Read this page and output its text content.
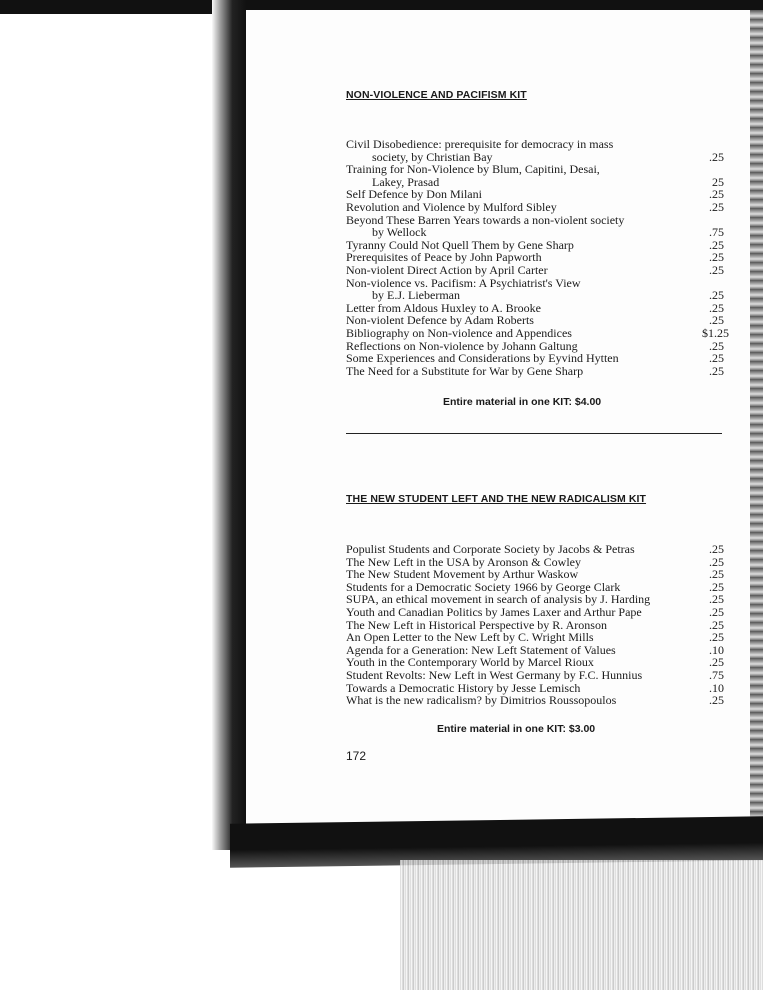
NON-VIOLENCE AND PACIFISM KIT
Civil Disobedience: prerequisite for democracy in mass
society, by Christian Bay	.25
Training for Non-Violence by Blum, Capitini, Desai,
Lakey, Prasad	25
Self Defence by Don Milani	.25
Revolution and Violence by Mulford Sibley	.25
Beyond These Barren Years towards a non-violent society
by Wellock	.75
Tyranny Could Not Quell Them by Gene Sharp	.25
Prerequisites of Peace by John Papworth	.25
Non-violent Direct Action by April Carter	.25
Non-violence vs. Pacifism: A Psychiatrist's View
by E.J. Lieberman	.25
Letter from Aldous Huxley to A. Brooke	.25
Non-violent Defence by Adam Roberts	.25
Bibliography on Non-violence and Appendices	$1.25
Reflections on Non-violence by Johann Galtung	.25
Some Experiences and Considerations by Eyvind Hytten	.25
The Need for a Substitute for War by Gene Sharp	.25
Entire material in one KIT: $4.00
THE NEW STUDENT LEFT AND THE NEW RADICALISM KIT
Populist Students and Corporate Society by Jacobs & Petras	.25
The New Left in the USA by Aronson & Cowley	.25
The New Student Movement by Arthur Waskow	.25
Students for a Democratic Society 1966 by George Clark	.25
SUPA, an ethical movement in search of analysis by J. Harding	.25
Youth and Canadian Politics by James Laxer and Arthur Pape	.25
The New Left in Historical Perspective by R. Aronson	.25
An Open Letter to the New Left by C. Wright Mills	.25
Agenda for a Generation: New Left Statement of Values	.10
Youth in the Contemporary World by Marcel Rioux	.25
Student Revolts: New Left in West Germany by F.C. Hunnius	.75
Towards a Democratic History by Jesse Lemisch	.10
What is the new radicalism? by Dimitrios Roussopoulos	.25
Entire material in one KIT: $3.00
172
